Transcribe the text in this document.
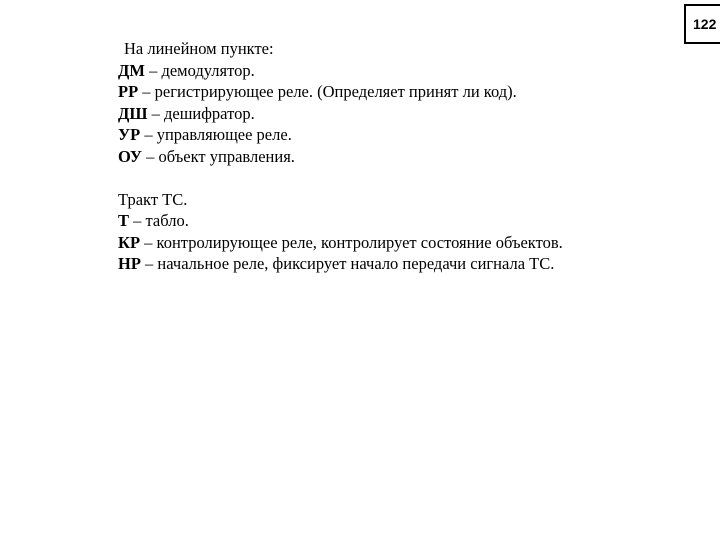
122
На линейном пункте:
ДМ – демодулятор.
РР – регистрирующее реле. (Определяет принят ли код).
ДШ – дешифратор.
УР – управляющее реле.
ОУ – объект управления.
Тракт ТС.
Т – табло.
КР – контролирующее реле, контролирует состояние объектов.
НР – начальное реле, фиксирует начало передачи сигнала ТС.
